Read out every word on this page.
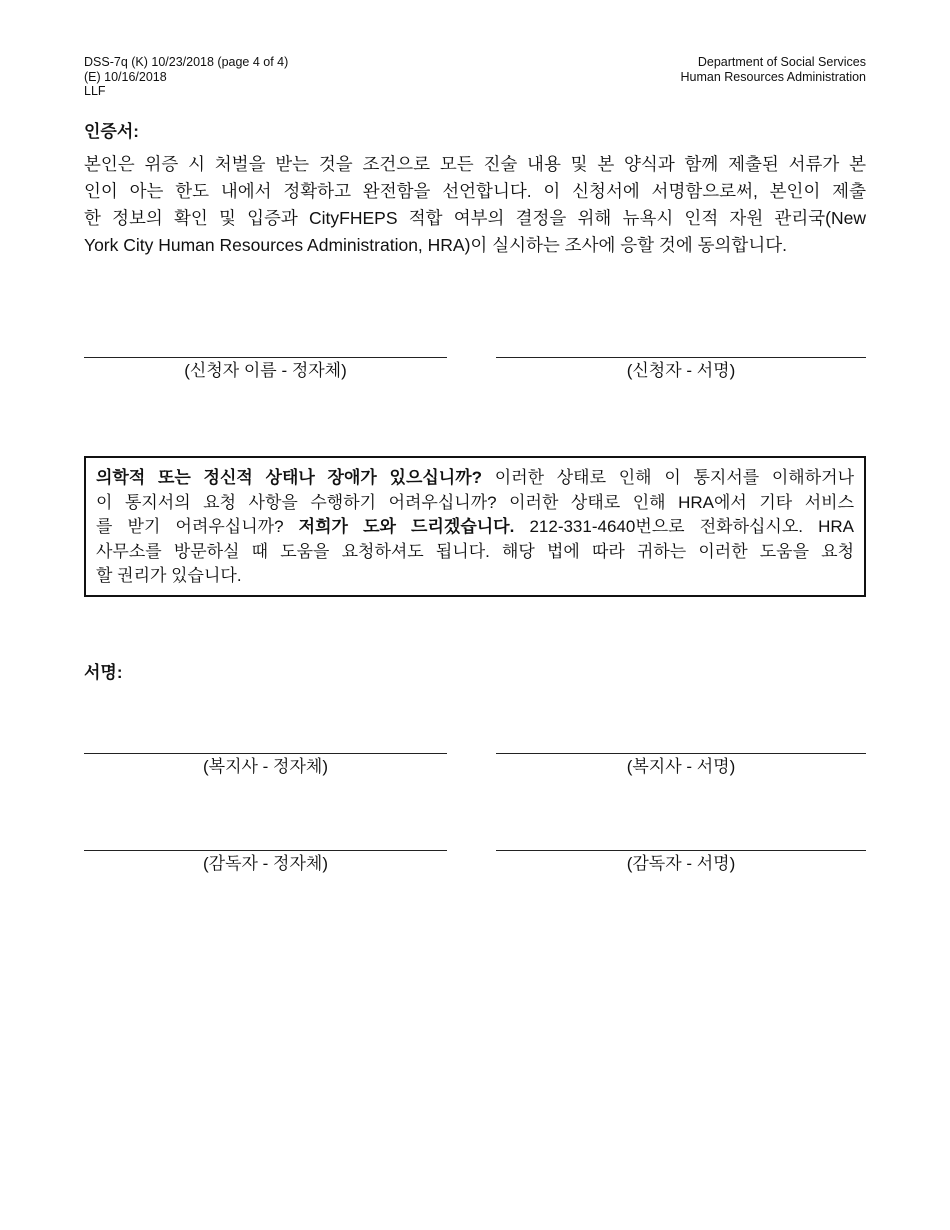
DSS-7q (K) 10/23/2018 (page 4 of 4)
(E) 10/16/2018
LLF
Department of Social Services
Human Resources Administration
인증서:
본인은 위증 시 처벌을 받는 것을 조건으로 모든 진술 내용 및 본 양식과 함께 제출된 서류가 본
인이 아는 한도 내에서 정확하고 완전함을 선언합니다. 이 신청서에 서명함으로써, 본인이 제출
한 정보의 확인 및 입증과 CityFHEPS 적합 여부의 결정을 위해 뉴욕시 인적 자원 관리국(New
York City Human Resources Administration, HRA)이 실시하는 조사에 응할 것에 동의합니다.
(신청자 이름 - 정자체)	(신청자 - 서명)
의학적 또는 정신적 상태나 장애가 있으십니까? 이러한 상태로 인해 이 통지서를 이해하거나
이 통지서의 요청 사항을 수행하기 어려우십니까? 이러한 상태로 인해 HRA에서 기타 서비스
를 받기 어려우십니까? 저희가 도와 드리겠습니다. 212-331-4640번으로 전화하십시오. HRA
사무소를 방문하실 때 도움을 요청하셔도 됩니다. 해당 법에 따라 귀하는 이러한 도움을 요청
할 권리가 있습니다.
서명:
(복지사 - 정자체)	(복지사 - 서명)
(감독자 - 정자체)	(감독자 - 서명)
